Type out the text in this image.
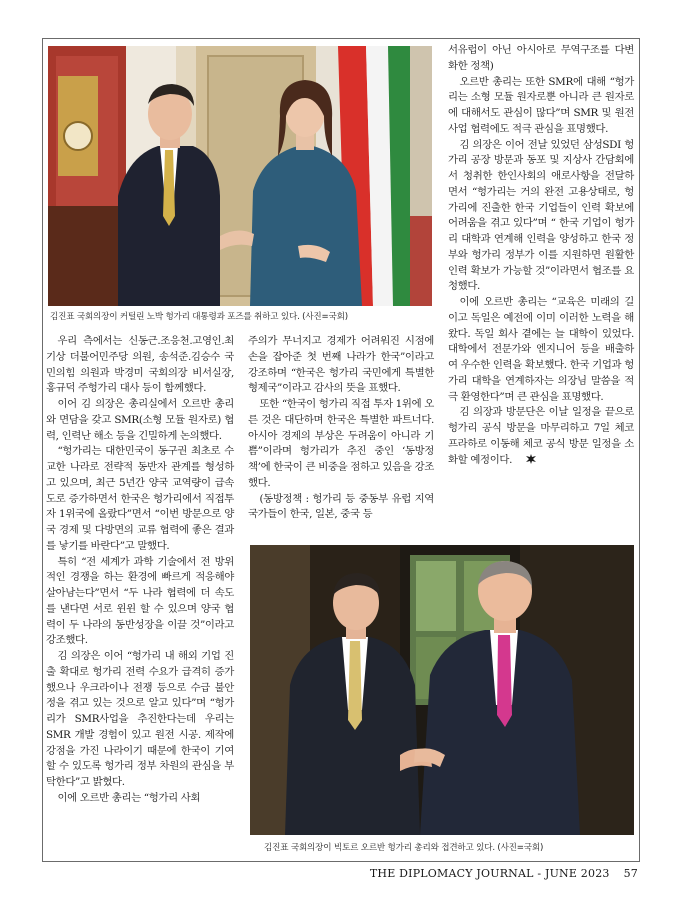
김진표 국회의장이 커털린 노박 헝가리 대통령과 포즈를 취하고 있다. (사진=국회)

우리 측에서는 신동근.조응천.고영인.최기상 더불어민주당 의원, 송석준.김승수 국민의힘 의원과 박경미 국회의장 비서실장, 홍규덕 주헝가리 대사 등이 함께했다.

이어 김 의장은 총리실에서 오르반 총리와 면담을 갖고 SMR(소형 모듈 원자로) 협력, 인력난 해소 등을 긴밀하게 논의했다.

“헝가리는 대한민국이 동구권 최초로 수교한 나라로 전략적 동반자 관계를 형성하고 있으며, 최근 5년간 양국 교역량이 급속도로 증가하면서 한국은 헝가리에서 직접투자 1위국에 올랐다”면서 “이번 방문으로 양국 경제 및 다방면의 교류 협력에 좋은 결과를 낳기를 바란다”고 말했다.

특히 “전 세계가 과학 기술에서 전 방위적인 경쟁을 하는 환경에 빠르게 적응해야 살아남는다”면서 “두 나라 협력에 더 속도를 낸다면 서로 윈윈 할 수 있으며 양국 협력이 두 나라의 동반성장을 이끌 것”이라고 강조했다.

김 의장은 이어 “헝가리 내 해외 기업 진출 확대로 헝가리 전력 수요가 급격히 증가했으나 우크라이나 전쟁 등으로 수급 불안정을 겪고 있는 것으로 알고 있다”며 “헝가리가 SMR사업을 추진한다는데 우리는 SMR 개발 경험이 있고 원전 시공. 제작에 강점을 가진 나라이기 때문에 한국이 기여할 수 있도록 헝가리 정부 차원의 관심을 부탁한다”고 밝혔다.

이에 오르반 총리는 “헝가리 사회

주의가 무너지고 경제가 어려워진 시점에 손을 잡아준 첫 번째 나라가 한국”이라고 강조하며 “한국은 헝가리 국민에게 특별한 형제국”이라고 감사의 뜻을 표했다.

또한 “한국이 헝가리 직접 투자 1위에 오른 것은 대단하며 한국은 특별한 파트너다. 아시아 경제의 부상은 두려움이 아니라 기쁨”이라며 헝가리가 추진 중인 ‘동방정책’에 한국이 큰 비중을 점하고 있음을 강조했다.

(동방정책 : 헝가리 등 중동부 유럽 지역 국가들이 한국, 일본, 중국 등

서유럽이 아닌 아시아로 무역구조를 다변화한 정책)

오르반 총리는 또한 SMR에 대해 “헝가리는 소형 모듈 원자로뿐 아니라 큰 원자로에 대해서도 관심이 많다”며 SMR 및 원전 사업 협력에도 적극 관심을 표명했다.

김 의장은 이어 전날 있었던 삼성SDI 헝가리 공장 방문과 동포 및 지상사 간담회에서 청취한 한인사회의 애로사항을 전달하면서 “헝가리는 거의 완전 고용상태로, 헝가리에 진출한 한국 기업들이 인력 확보에 어려움을 겪고 있다”며 “ 한국 기업이 헝가리 대학과 연계해 인력을 양성하고 한국 정부와 헝가리 정부가 이를 지원하면 원활한 인력 확보가 가능할 것”이라면서 협조를 요청했다.

이에 오르반 총리는 “교육은 미래의 길이고 독일은 예전에 이미 이러한 노력을 해왔다. 독일 회사 곁에는 늘 대학이 있었다. 대학에서 전문가와 엔지니어 등을 배출하여 우수한 인력을 확보했다. 한국 기업과 헝가리 대학을 연계하자는 의장님 말씀을 적극 환영한다”며 큰 관심을 표명했다.

김 의장과 방문단은 이날 일정을 끝으로 헝가리 공식 방문을 마무리하고 7일 체코 프라하로 이동해 체코 공식 방문 일정을 소화할 예정이다.

김진표 국회의장이 빅토르 오르반 헝가리 총리와 접견하고 있다. (사진=국회)
THE DIPLOMACY JOURNAL - JUNE 2023 57
